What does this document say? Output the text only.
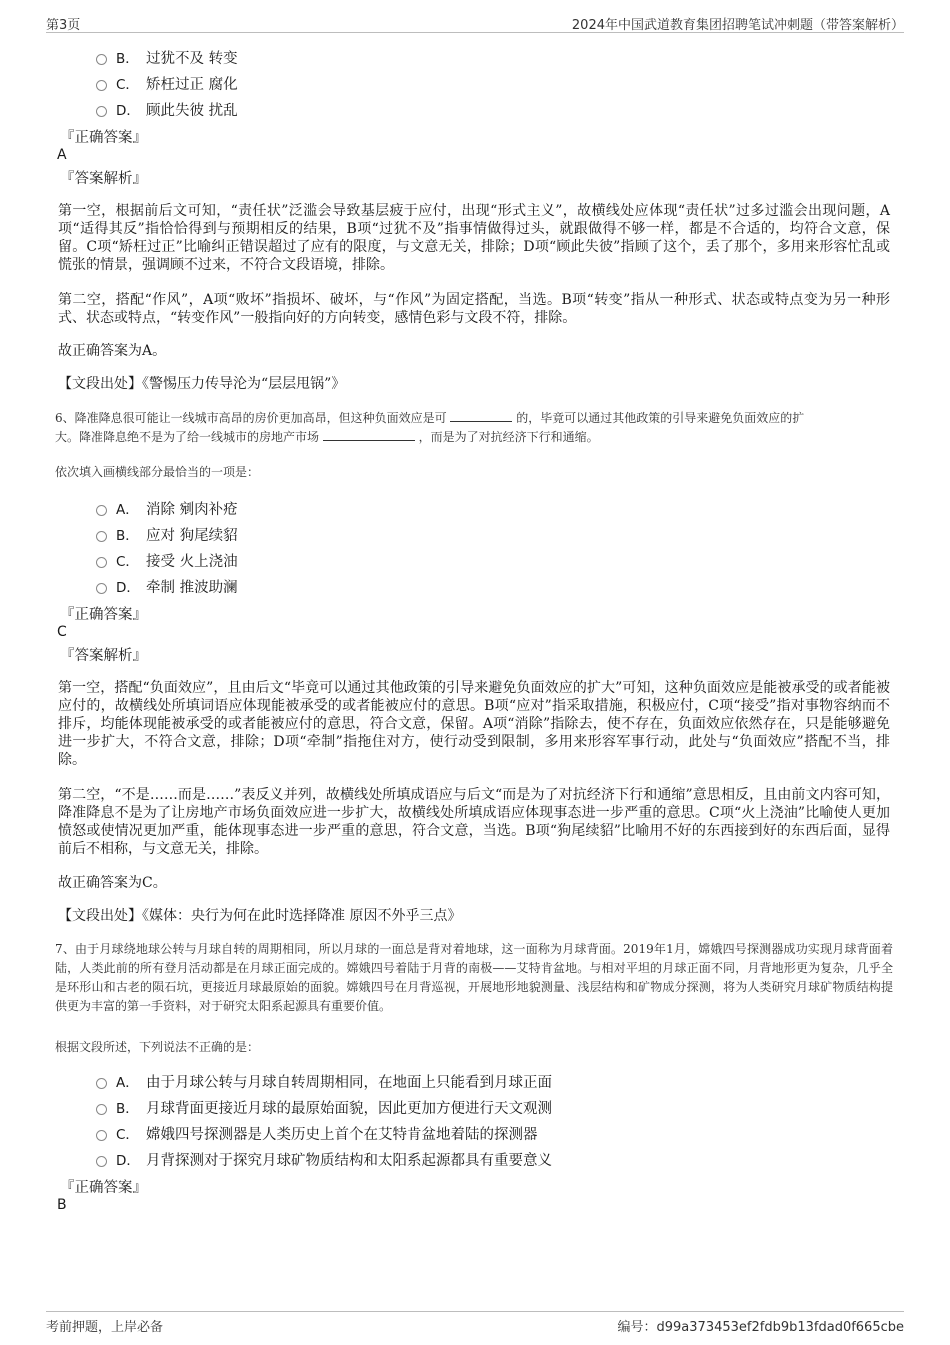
第3页	2024年中国武道教育集团招聘笔试冲刺题（带答案解析）
B． 过犹不及 转变
C． 矫枉过正 腐化
D． 顾此失彼 扰乱
『正确答案』
A
『答案解析』
第一空，根据前后文可知，“责任状”泛滥会导致基层疲于应付，出现“形式主义”，故横线处应体现“责任状”过多过滥会出现问题，A项“适得其反”指恰恰得到与预期相反的结果，B项“过犹不及”指事情做得过头，就跟做得不够一样，都是不合适的，均符合文意，保留。C项“矫枉过正”比喻纠正错误超过了应有的限度，与文意无关，排除；D项“顾此失彼”指顾了这个，丢了那个，多用来形容忙乱或慌张的情景，强调顾不过来，不符合文段语境，排除。
第二空，搭配“作风”，A项“败坏”指损坏、破坏，与“作风”为固定搭配，当选。B项“转变”指从一种形式、状态或特点变为另一种形式、状态或特点，“转变作风”一般指向好的方向转变，感情色彩与文段不符，排除。
故正确答案为A。
【文段出处】《警惕压力传导沦为“层层甩锅”》
6、降准降息很可能让一线城市高昂的房价更加高昂，但这种负面效应是可	的，毕竟可以通过其他政策的引导来避免负面效应的扩
大。降准降息绝不是为了给一线城市的房地产市场	，而是为了对抗经济下行和通缩。
依次填入画横线部分最恰当的一项是：
A． 消除 剜肉补疮
B． 应对 狗尾续貂
C． 接受 火上浇油
D． 牵制 推波助澜
『正确答案』
C
『答案解析』
第一空，搭配“负面效应”，且由后文“毕竟可以通过其他政策的引导来避免负面效应的扩大”可知，这种负面效应是能被承受的或者能被应付的，故横线处所填词语应体现能被承受的或者能被应付的意思。B项“应对”指采取措施，积极应付，C项“接受”指对事物容纳而不排斥，均能体现能被承受的或者能被应付的意思，符合文意，保留。A项“消除”指除去，使不存在，负面效应依然存在，只是能够避免进一步扩大，不符合文意，排除；D项“牵制”指拖住对方，使行动受到限制，多用来形容军事行动，此处与“负面效应”搭配不当，排除。
第二空，“不是……而是……”表反义并列，故横线处所填成语应与后文“而是为了对抗经济下行和通缩”意思相反，且由前文内容可知，降准降息不是为了让房地产市场负面效应进一步扩大，故横线处所填成语应体现事态进一步严重的意思。C项“火上浇油”比喻使人更加愤怒或使情况更加严重，能体现事态进一步严重的意思，符合文意，当选。B项“狗尾续貂”比喻用不好的东西接到好的东西后面，显得前后不相称，与文意无关，排除。
故正确答案为C。
【文段出处】《媒体：央行为何在此时选择降准 原因不外乎三点》
7、由于月球绕地球公转与月球自转的周期相同，所以月球的一面总是背对着地球，这一面称为月球背面。2019年1月，嫦娥四号探测器成功实现月球背面着陆，人类此前的所有登月活动都是在月球正面完成的。嫦娥四号着陆于月背的南极——艾特肯盆地。与相对平坦的月球正面不同，月背地形更为复杂，几乎全是环形山和古老的陨石坑，更接近月球最原始的面貌。嫦娥四号在月背巡视，开展地形地貌测量、浅层结构和矿物成分探测，将为人类研究月球矿物质结构提供更为丰富的第一手资料，对于研究太阳系起源具有重要价值。
根据文段所述，下列说法不正确的是：
A． 由于月球公转与月球自转周期相同，在地面上只能看到月球正面
B． 月球背面更接近月球的最原始面貌，因此更加方便进行天文观测
C． 嫦娥四号探测器是人类历史上首个在艾特肯盆地着陆的探测器
D． 月背探测对于探究月球矿物质结构和太阳系起源都具有重要意义
『正确答案』
B
考前押题，上岸必备	编号：d99a373453ef2fdb9b13fdad0f665cbe
